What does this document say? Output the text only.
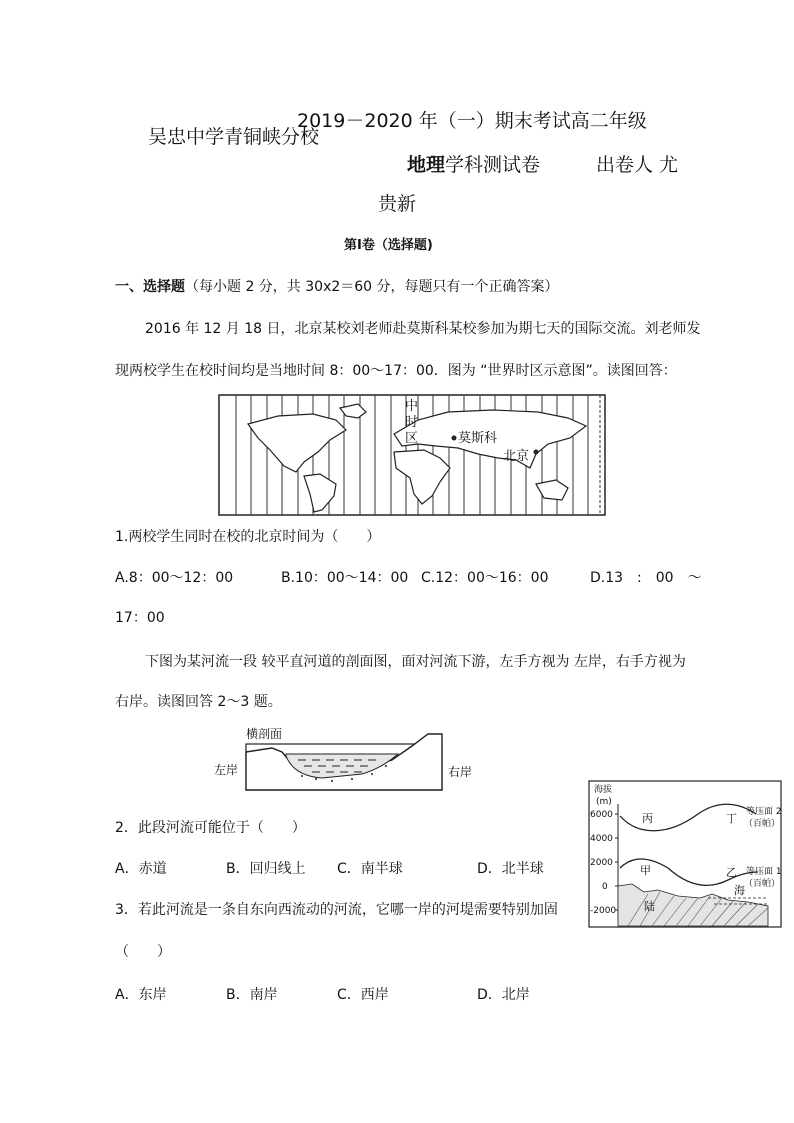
2019－2020 年（一）期末考试高二年级
吴忠中学青铜峡分校
地理学科测试卷	出卷人 尤
贵新
第Ⅰ卷（选择题)
一、选择题（每小题 2 分，共 30x2＝60 分，每题只有一个正确答案）
2016 年 12 月 18 日，北京某校刘老师赴莫斯科某校参加为期七天的国际交流。刘老师发
现两校学生在校时间均是当地时间 8：00～17：00．图为 “世界时区示意图”。读图回答：
中
时
区	莫斯科
北京
1.两校学生同时在校的北京时间为（　　）
A.8：00～12：00	B.10：00～14：00 C.12：00～16：00	D.13　:　00　～
17：00
下图为某河流一段 较平直河道的剖面图，面对河流下游，左手方视为 左岸，右手方视为
右岸。读图回答 2～3 题。
横剖面
左岸	右岸
2．此段河流可能位于（　　）
A．赤道	B．回归线上 C．南半球	D．北半球
3．若此河流是一条自东向西流动的河流，它哪一岸的河堤需要特别加固
（　　）
A．东岸	B．南岸	C．西岸	D．北岸
海拔
(m)
6000
4000
2000
0
-2000
等压面 2
（百帕）
等压面 1
（百帕）
丙	丁
甲	乙
陆
海
